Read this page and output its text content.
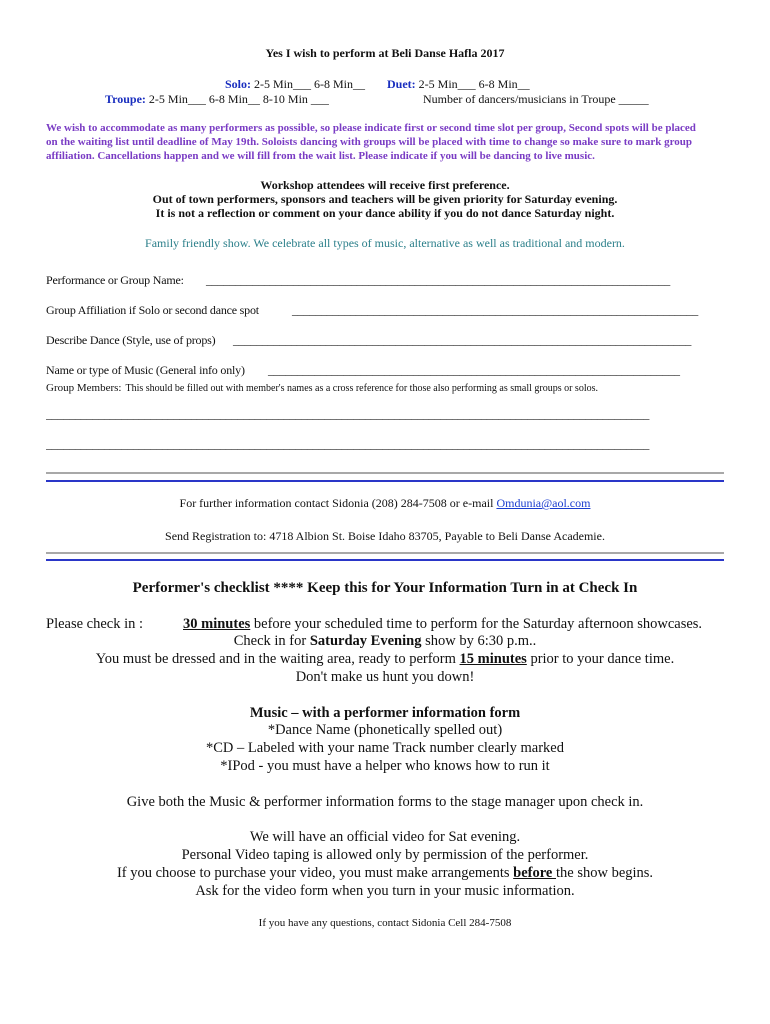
Yes I wish to perform at Beli Danse Hafla 2017
Solo: 2-5 Min___ 6-8 Min__ Duet: 2-5 Min___ 6-8 Min__
Troupe: 2-5 Min___ 6-8 Min__ 8-10 Min ___	Number of dancers/musicians in Troupe _____
We wish to accommodate as many performers as possible, so please indicate first or second time slot per group, Second spots will be placed
on the waiting list until deadline of May 19th. Soloists dancing with groups will be placed with time to change so make sure to mark group
affiliation. Cancellations happen and we will fill from the wait list. Please indicate if you will be dancing to live music.
Workshop attendees will receive first preference.
Out of town performers, sponsors and teachers will be given priority for Saturday evening.
It is not a reflection or comment on your dance ability if you do not dance Saturday night.
Family friendly show. We celebrate all types of music, alternative as well as traditional and modern.
Performance or Group Name: ________________________________________________________________________________
Group Affiliation if Solo or second dance spot	______________________________________________________________________
Describe Dance (Style, use of props) _______________________________________________________________________________
Name or type of Music (General info only) _______________________________________________________________________
Group Members: This should be filled out with member's names as a cross reference for those also performing as small groups or solos.
________________________________________________________________________________________________________
________________________________________________________________________________________________________
For further information contact Sidonia (208) 284-7508 or e-mail Omdunia@aol.com
Send Registration to: 4718 Albion St. Boise Idaho 83705, Payable to Beli Danse Academie.
Performer's checklist **** Keep this for Your Information Turn in at Check In
Please check in :	30 minutes before your scheduled time to perform for the Saturday afternoon showcases.
Check in for Saturday Evening show by 6:30 p.m..
You must be dressed and in the waiting area, ready to perform 15 minutes prior to your dance time.
Don't make us hunt you down!
Music – with a performer information form
*Dance Name (phonetically spelled out)
*CD – Labeled with your name Track number clearly marked
*IPod - you must have a helper who knows how to run it
Give both the Music & performer information forms to the stage manager upon check in.
We will have an official video for Sat evening.
Personal Video taping is allowed only by permission of the performer.
If you choose to purchase your video, you must make arrangements before the show begins.
Ask for the video form when you turn in your music information.
If you have any questions, contact Sidonia Cell 284-7508
